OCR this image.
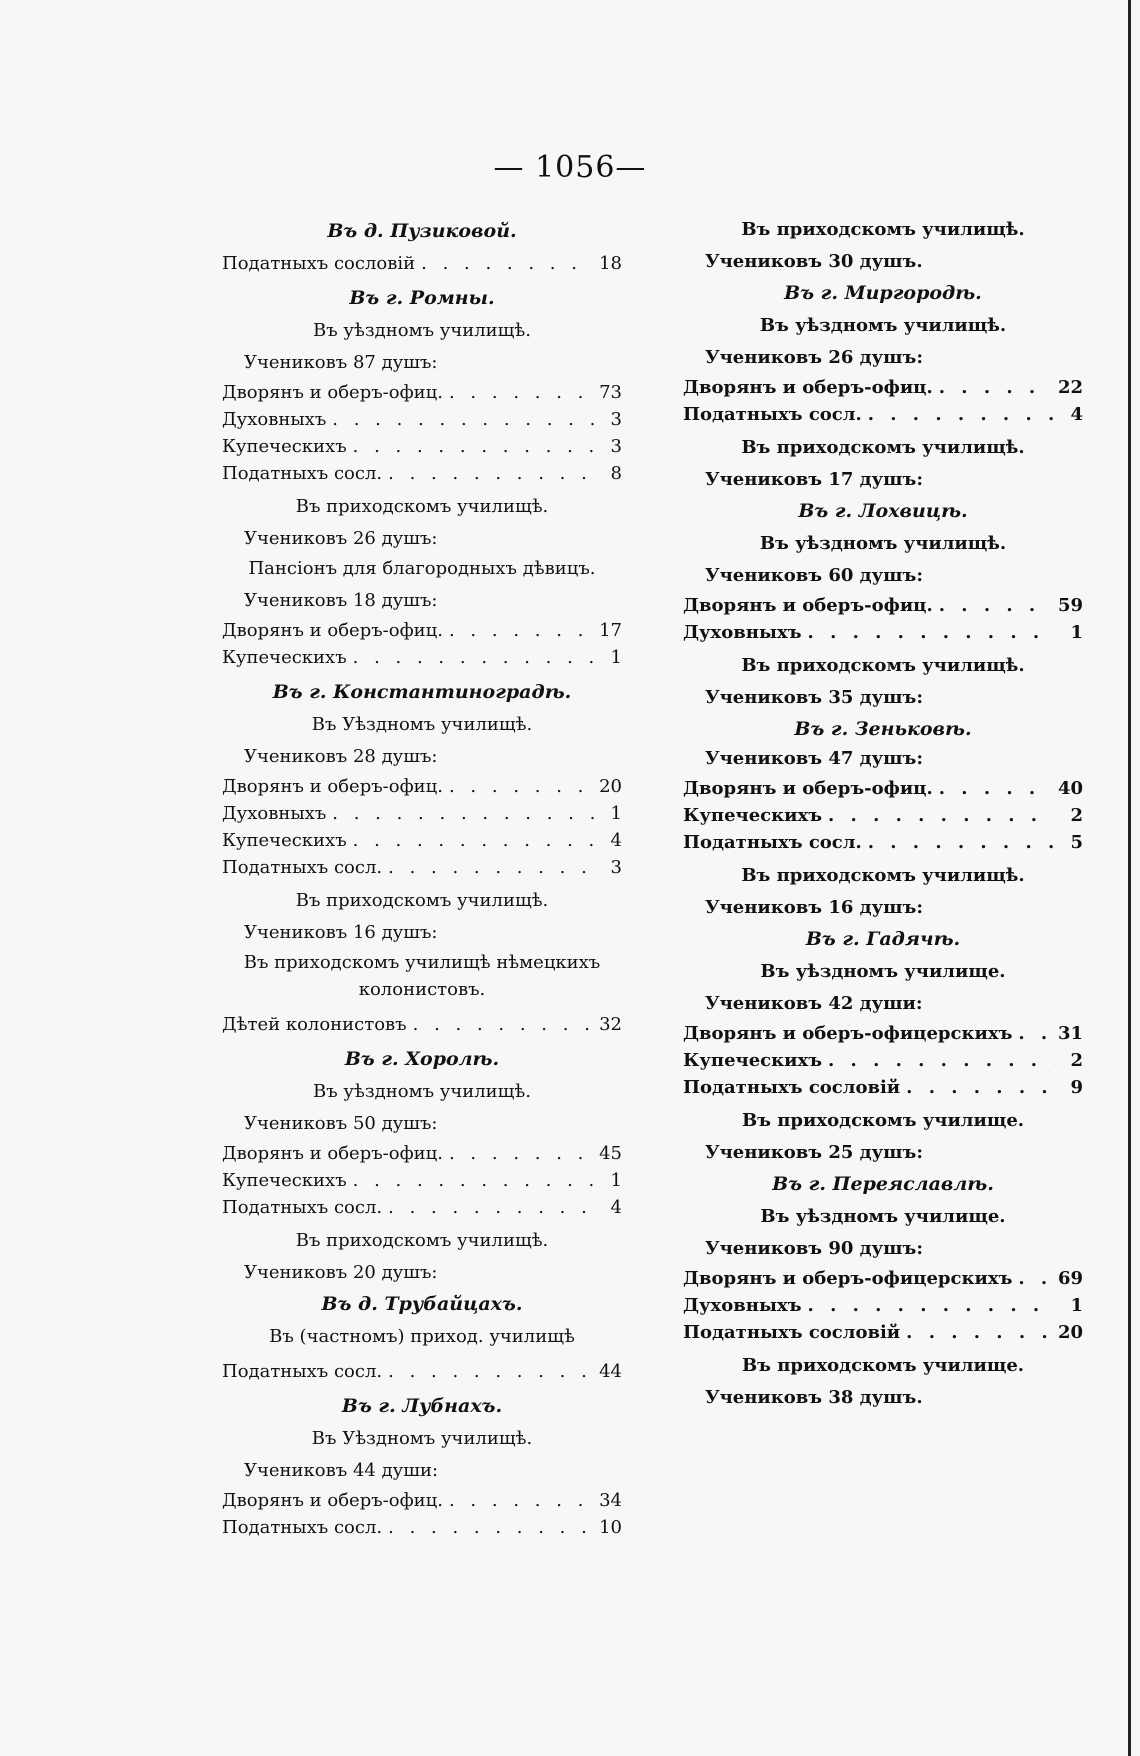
— 1056—
Въ д. Пузиковой.
Податныхъ сословій . . .	18
Въ г. Ромны.
Въ уѣздномъ училищѣ.
Учениковъ 87 душъ:
Дворянъ и оберъ-офиц. . . .	73
Духовныхъ . . .	3
Купеческихъ . . .	3
Податныхъ сосл. . . .	8
Въ приходскомъ училищѣ.
Учениковъ 26 душъ:
Пансіонъ для благородныхъ дѣвицъ.
Учениковъ 18 душъ:
Дворянъ и оберъ-офиц. . . .	17
Купеческихъ . . .	1
Въ г. Константиноградѣ.
Въ Уѣздномъ училищѣ.
Учениковъ 28 душъ:
Дворянъ и оберъ-офиц. . . .	20
Духовныхъ . . .	1
Купеческихъ . . .	4
Податныхъ сосл. . . .	3
Въ приходскомъ училищѣ.
Учениковъ 16 душъ:
Въ приходскомъ училищѣ нѣмецкихъ колонистовъ.
Дѣтей колонистовъ . . .	32
Въ г. Хоролѣ.
Въ уѣздномъ училищѣ.
Учениковъ 50 душъ:
Дворянъ и оберъ-офиц. . . .	45
Купеческихъ . . .	1
Податныхъ сосл. . . .	4
Въ приходскомъ училищѣ.
Учениковъ 20 душъ:
Въ д. Трубайцахъ.
Въ (частномъ) приход. училищѣ
Податныхъ сосл. . . .	44
Въ г. Лубнахъ.
Въ Уѣздномъ училищѣ.
Учениковъ 44 души:
Дворянъ и оберъ-офиц. . . .	34
Податныхъ сосл. . . .	10
Въ приходскомъ училищѣ.
Учениковъ 30 душъ.
Въ г. Миргородѣ.
Въ уѣздномъ училищѣ.
Учениковъ 26 душъ:
Дворянъ и оберъ-офиц. . . .	22
Податныхъ сосл. . . .	4
Въ приходскомъ училищѣ.
Учениковъ 17 душъ:
Въ г. Лохвицѣ.
Въ уѣздномъ училищѣ.
Учениковъ 60 душъ:
Дворянъ и оберъ-офиц. . . .	59
Духовныхъ . . .	1
Въ приходскомъ училищѣ.
Учениковъ 35 душъ:
Въ г. Зеньковѣ.
Учениковъ 47 душъ:
Дворянъ и оберъ-офиц. . . .	40
Купеческихъ . . .	2
Податныхъ сосл. . . .	5
Въ приходскомъ училищѣ.
Учениковъ 16 душъ:
Въ г. Гадячѣ.
Въ уѣздномъ училище.
Учениковъ 42 души:
Дворянъ и оберъ-офицерскихъ . . .	31
Купеческихъ . . .	2
Податныхъ сословій . . .	9
Въ приходскомъ училище.
Учениковъ 25 душъ:
Въ г. Переяславлѣ.
Въ уѣздномъ училище.
Учениковъ 90 душъ:
Дворянъ и оберъ-офицерскихъ . . .	69
Духовныхъ . . .	1
Податныхъ сословій . . .	20
Въ приходскомъ училище.
Учениковъ 38 душъ.
